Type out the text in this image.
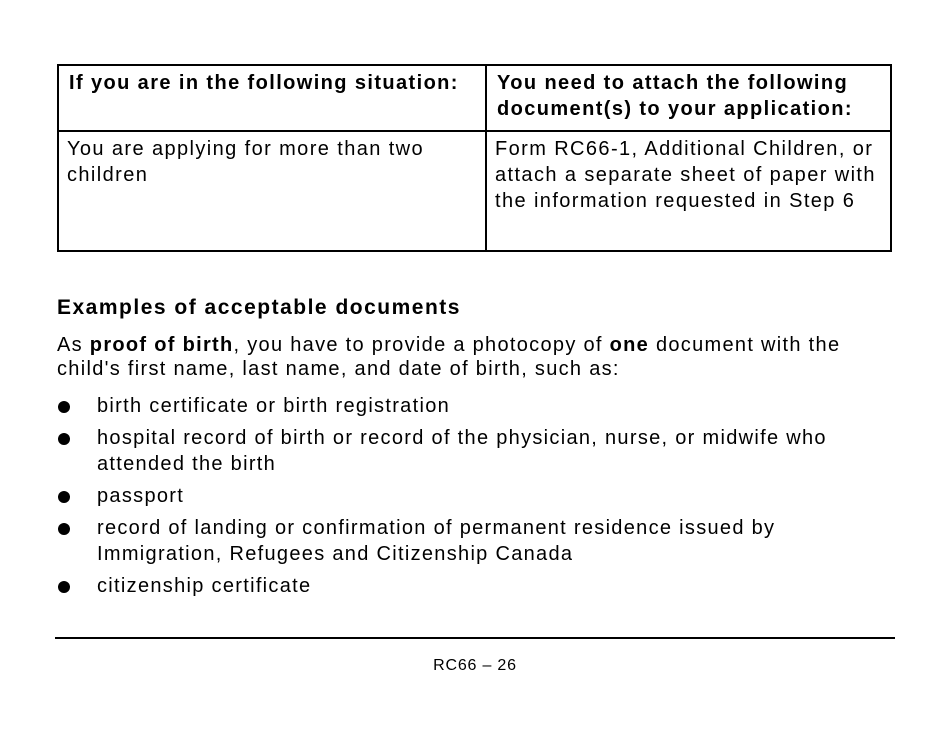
If you are in the following situation:	You need to attach the following document(s) to your application:
You are applying for more than two children	Form RC66-1, Additional Children, or attach a separate sheet of paper with the information requested in Step 6
Examples of acceptable documents

As proof of birth, you have to provide a photocopy of one document with the child's first name, last name, and date of birth, such as:

birth certificate or birth registration
hospital record of birth or record of the physician, nurse, or midwife who attended the birth
passport
record of landing or confirmation of permanent residence issued by Immigration, Refugees and Citizenship Canada
citizenship certificate
RC66 – 26
